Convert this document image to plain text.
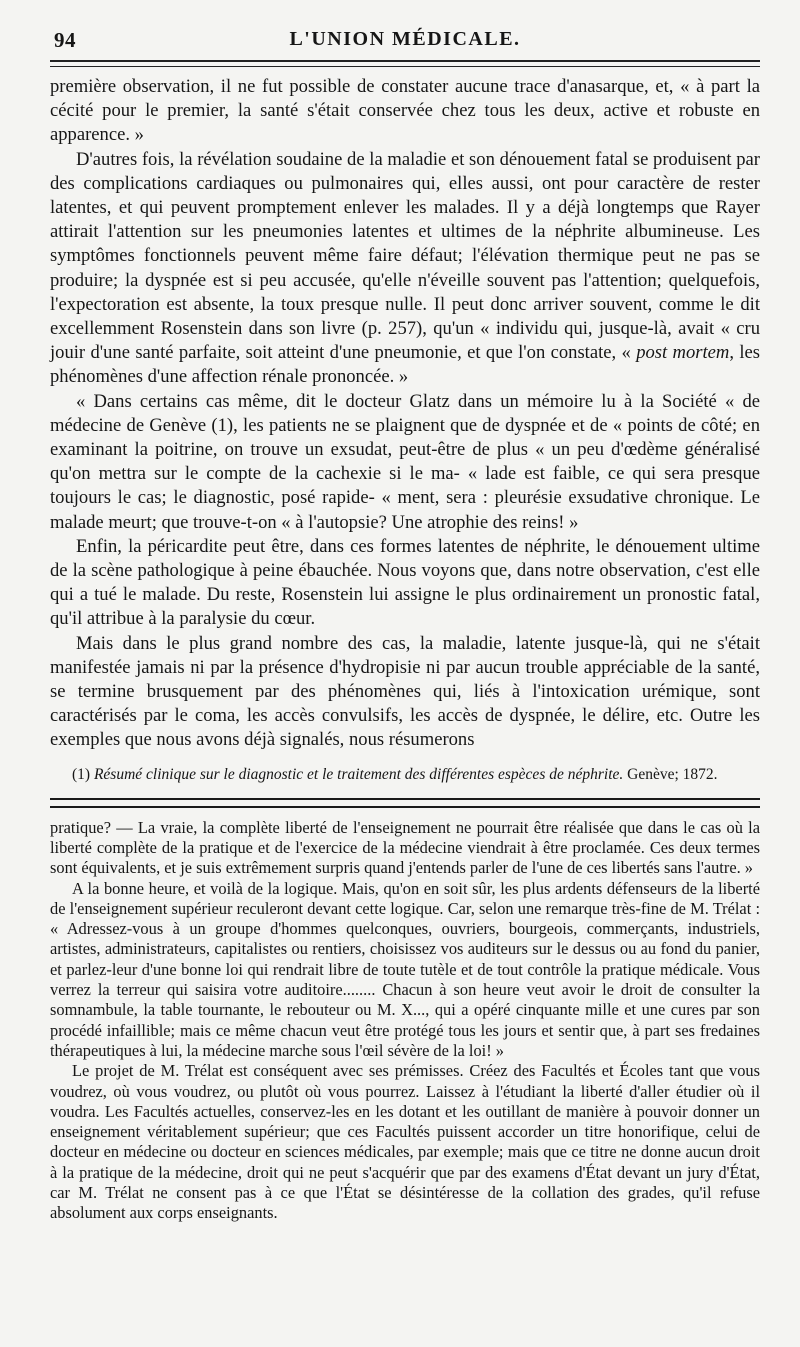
94	L'UNION MÉDICALE.

première observation, il ne fut possible de constater aucune trace d'anasarque, et, « à part la cécité pour le premier, la santé s'était conservée chez tous les deux, active et robuste en apparence. »

D'autres fois, la révélation soudaine de la maladie et son dénouement fatal se produisent par des complications cardiaques ou pulmonaires qui, elles aussi, ont pour caractère de rester latentes, et qui peuvent promptement enlever les malades. Il y a déjà longtemps que Rayer attirait l'attention sur les pneumonies latentes et ultimes de la néphrite albumineuse. Les symptômes fonctionnels peuvent même faire défaut; l'élévation thermique peut ne pas se produire; la dyspnée est si peu accusée, qu'elle n'éveille souvent pas l'attention; quelquefois, l'expectoration est absente, la toux presque nulle. Il peut donc arriver souvent, comme le dit excellemment Rosenstein dans son livre (p. 257), qu'un « individu qui, jusque-là, avait « cru jouir d'une santé parfaite, soit atteint d'une pneumonie, et que l'on constate, « post mortem, les phénomènes d'une affection rénale prononcée. »

« Dans certains cas même, dit le docteur Glatz dans un mémoire lu à la Société « de médecine de Genève (1), les patients ne se plaignent que de dyspnée et de « points de côté; en examinant la poitrine, on trouve un exsudat, peut-être de plus « un peu d'œdème généralisé qu'on mettra sur le compte de la cachexie si le ma- « lade est faible, ce qui sera presque toujours le cas; le diagnostic, posé rapide- « ment, sera : pleurésie exsudative chronique. Le malade meurt; que trouve-t-on « à l'autopsie? Une atrophie des reins! »

Enfin, la péricardite peut être, dans ces formes latentes de néphrite, le dénouement ultime de la scène pathologique à peine ébauchée. Nous voyons que, dans notre observation, c'est elle qui a tué le malade. Du reste, Rosenstein lui assigne le plus ordinairement un pronostic fatal, qu'il attribue à la paralysie du cœur.

Mais dans le plus grand nombre des cas, la maladie, latente jusque-là, qui ne s'était manifestée jamais ni par la présence d'hydropisie ni par aucun trouble appréciable de la santé, se termine brusquement par des phénomènes qui, liés à l'intoxication urémique, sont caractérisés par le coma, les accès convulsifs, les accès de dyspnée, le délire, etc. Outre les exemples que nous avons déjà signalés, nous résumerons

(1) Résumé clinique sur le diagnostic et le traitement des différentes espèces de néphrite. Genève; 1872.

pratique? — La vraie, la complète liberté de l'enseignement ne pourrait être réalisée que dans le cas où la liberté complète de la pratique et de l'exercice de la médecine viendrait à être proclamée. Ces deux termes sont équivalents, et je suis extrêmement surpris quand j'entends parler de l'une de ces libertés sans l'autre. »

A la bonne heure, et voilà de la logique. Mais, qu'on en soit sûr, les plus ardents défenseurs de la liberté de l'enseignement supérieur reculeront devant cette logique. Car, selon une remarque très-fine de M. Trélat : « Adressez-vous à un groupe d'hommes quelconques, ouvriers, bourgeois, commerçants, industriels, artistes, administrateurs, capitalistes ou rentiers, choisissez vos auditeurs sur le dessus ou au fond du panier, et parlez-leur d'une bonne loi qui rendrait libre de toute tutèle et de tout contrôle la pratique médicale. Vous verrez la terreur qui saisira votre auditoire........ Chacun à son heure veut avoir le droit de consulter la somnambule, la table tournante, le rebouteur ou M. X..., qui a opéré cinquante mille et une cures par son procédé infaillible; mais ce même chacun veut être protégé tous les jours et sentir que, à part ses fredaines thérapeutiques à lui, la médecine marche sous l'œil sévère de la loi! »

Le projet de M. Trélat est conséquent avec ses prémisses. Créez des Facultés et Écoles tant que vous voudrez, où vous voudrez, ou plutôt où vous pourrez. Laissez à l'étudiant la liberté d'aller étudier où il voudra. Les Facultés actuelles, conservez-les en les dotant et les outillant de manière à pouvoir donner un enseignement véritablement supérieur; que ces Facultés puissent accorder un titre honorifique, celui de docteur en médecine ou docteur en sciences médicales, par exemple; mais que ce titre ne donne aucun droit à la pratique de la médecine, droit qui ne peut s'acquérir que par des examens d'État devant un jury d'État, car M. Trélat ne consent pas à ce que l'État se désintéresse de la collation des grades, qu'il refuse absolument aux corps enseignants.
